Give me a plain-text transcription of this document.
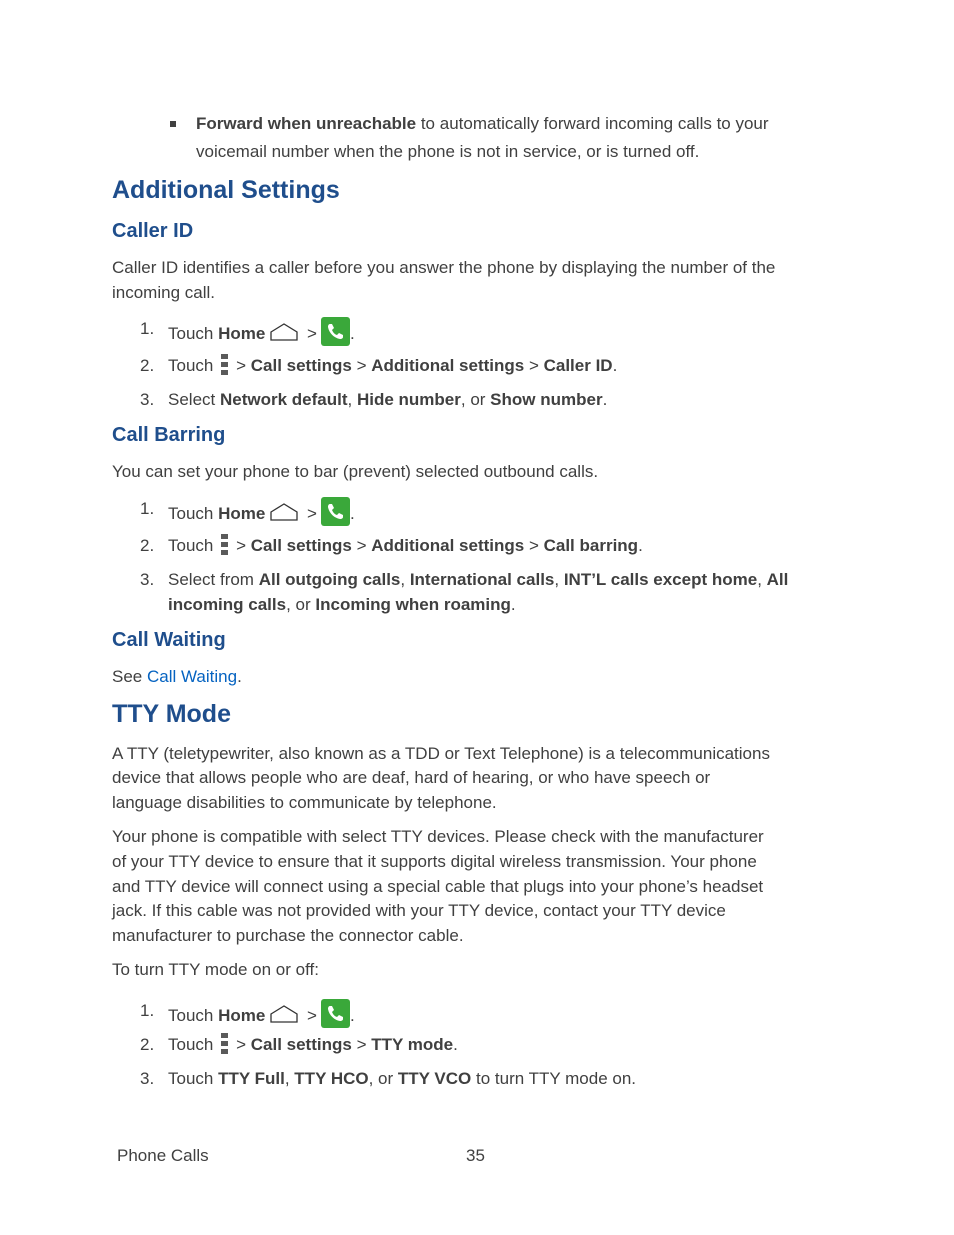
Forward when unreachable to automatically forward incoming calls to your
voicemail number when the phone is not in service, or is turned off.
Additional Settings
Caller ID
Caller ID identifies a caller before you answer the phone by displaying the number of the
incoming call.
1. Touch Home > .
2. Touch
> Call settings > Additional settings > Caller ID.
3. Select Network default, Hide number, or Show number.
Call Barring
You can set your phone to bar (prevent) selected outbound calls.
1. Touch Home > .
2. Touch
> Call settings > Additional settings > Call barring.
3. Select from All outgoing calls, International calls, INT’L calls except home, All
incoming calls, or Incoming when roaming.
Call Waiting
See Call Waiting.
TTY Mode
A TTY (teletypewriter, also known as a TDD or Text Telephone) is a telecommunications
device that allows people who are deaf, hard of hearing, or who have speech or
language disabilities to communicate by telephone.
Your phone is compatible with select TTY devices. Please check with the manufacturer
of your TTY device to ensure that it supports digital wireless transmission. Your phone
and TTY device will connect using a special cable that plugs into your phone’s headset
jack. If this cable was not provided with your TTY device, contact your TTY device
manufacturer to purchase the connector cable.
To turn TTY mode on or off:
1. Touch Home > .
2. Touch
> Call settings > TTY mode.
3. Touch TTY Full, TTY HCO, or TTY VCO to turn TTY mode on.
Phone Calls	35
